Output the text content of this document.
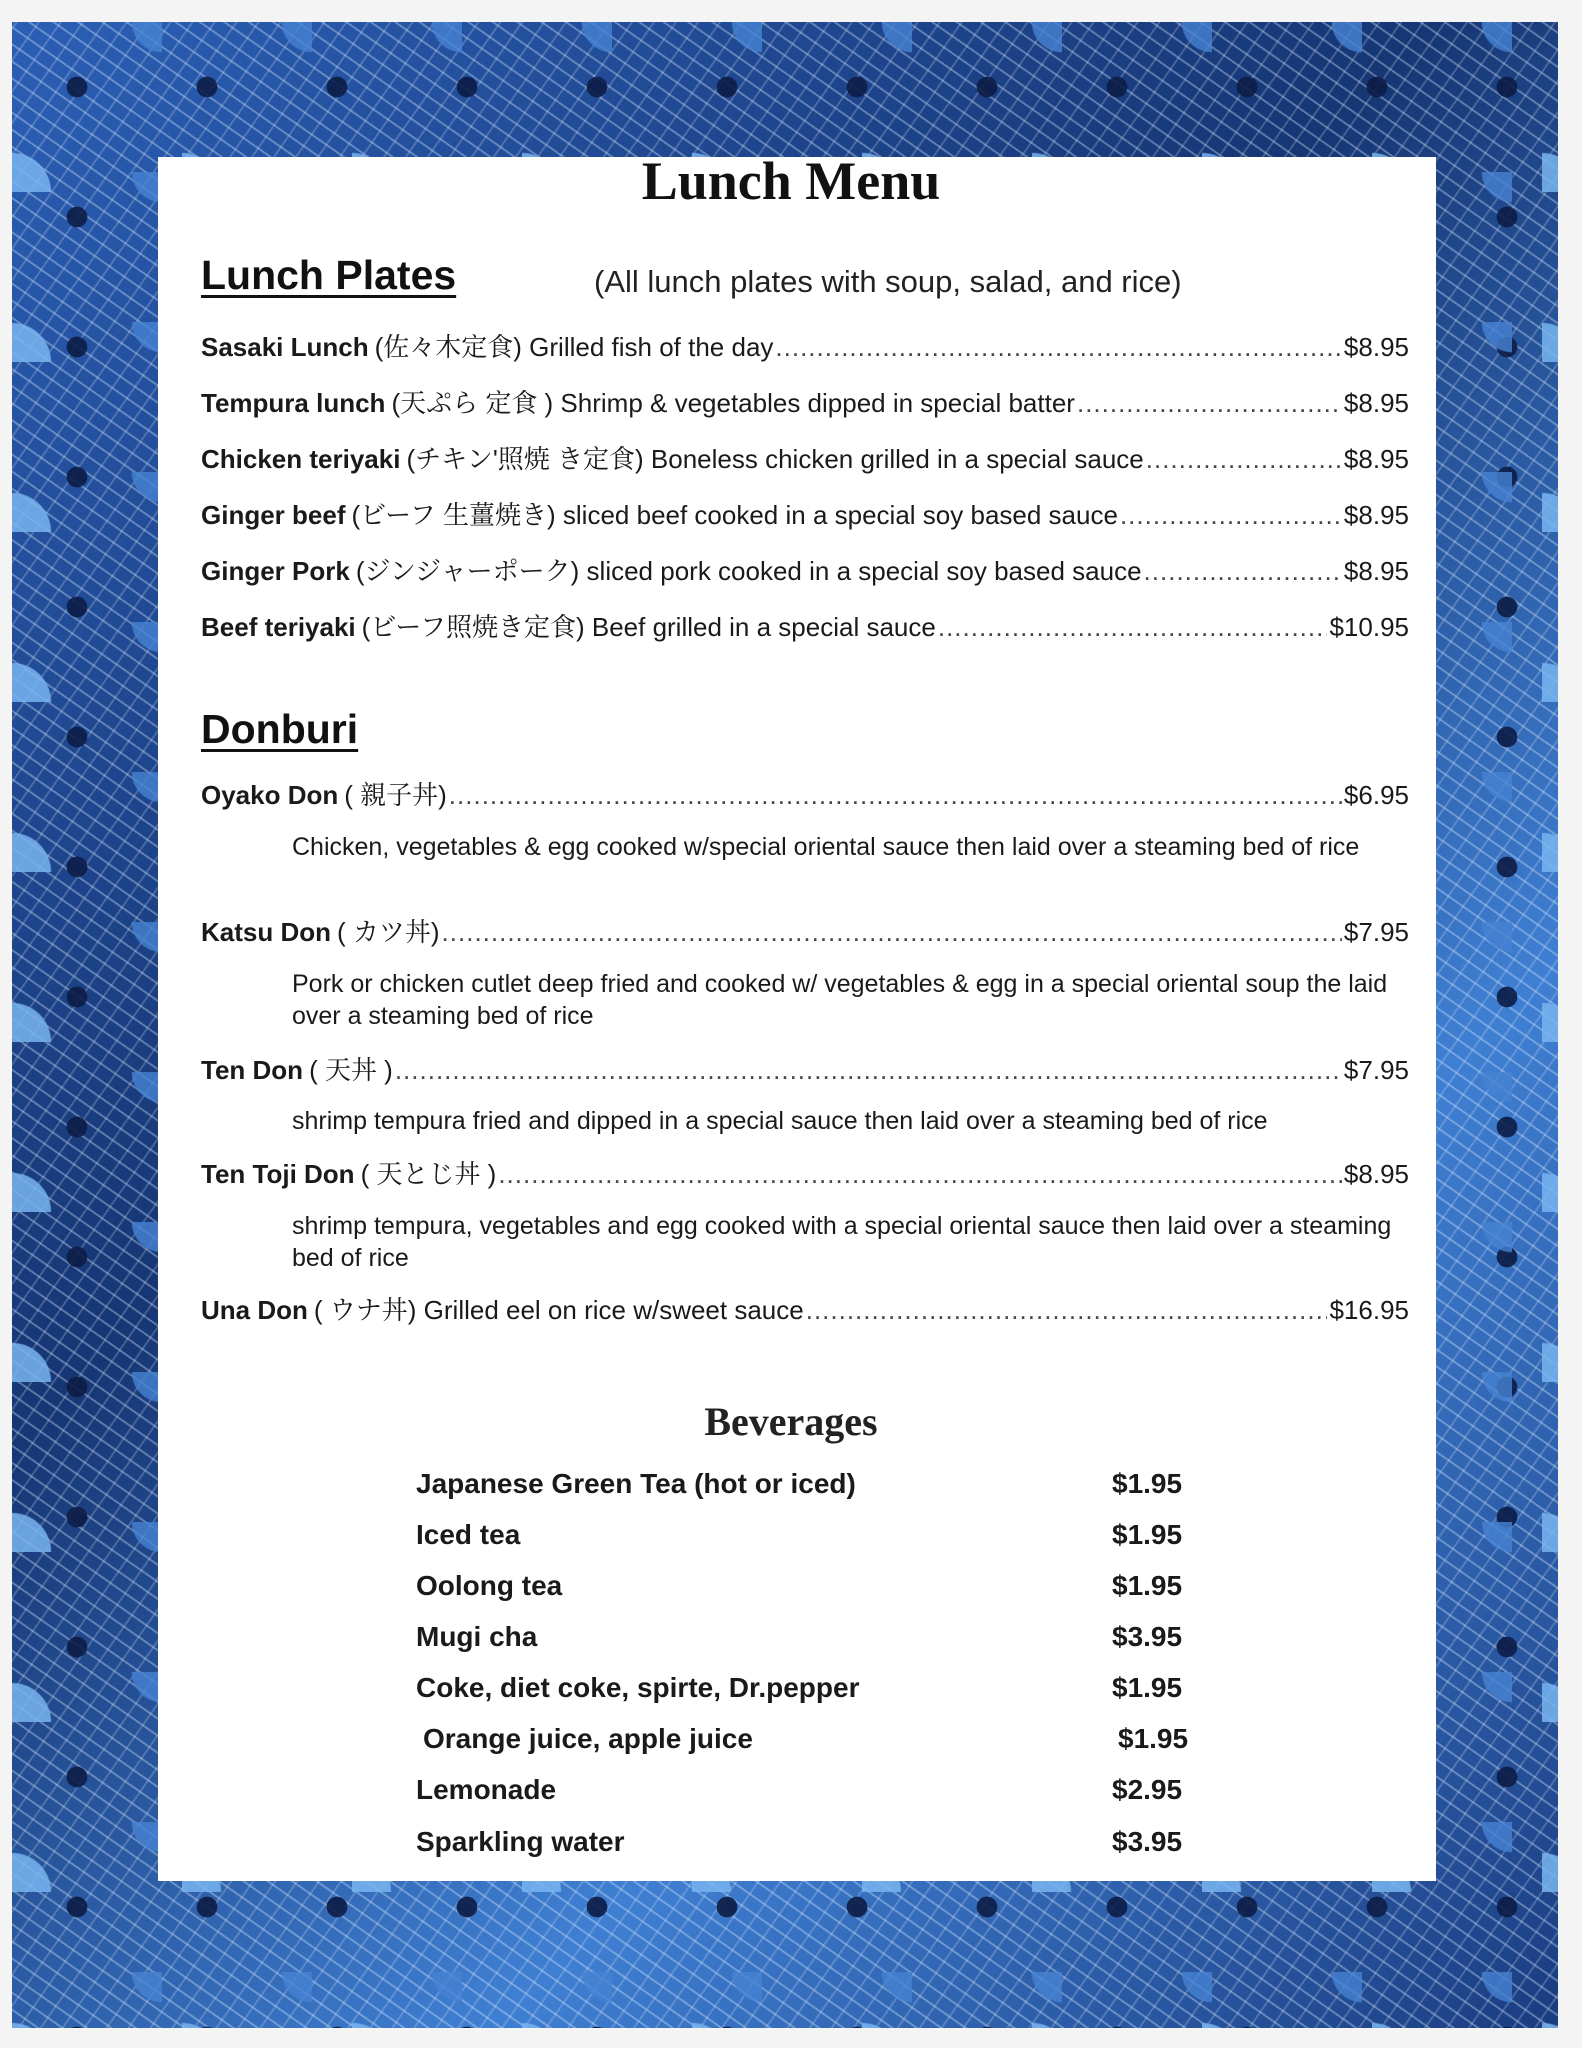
Lunch Menu
Lunch Plates	(All lunch plates with soup, salad, and rice)
Sasaki Lunch (佐々木定食) Grilled fish of the day .....	$8.95
Tempura lunch (天ぷら 定食 ) Shrimp & vegetables dipped in special batter .....	$8.95
Chicken teriyaki (チキン'照焼 き定食) Boneless chicken grilled in a special sauce .....	$8.95
Ginger beef (ビーフ 生薑焼き) sliced beef cooked in a special soy based sauce .....	$8.95
Ginger Pork (ジンジャーポーク) sliced pork cooked in a special soy based sauce .....	$8.95
Beef teriyaki (ビーフ照焼き定食) Beef grilled in a special sauce .....	$10.95
Donburi
Oyako Don ( 親子丼) .....	$6.95
Chicken, vegetables & egg cooked w/special oriental sauce then laid over a steaming bed of rice
Katsu Don ( カツ丼) .....	$7.95
Pork or chicken cutlet deep fried and cooked w/ vegetables & egg in a special oriental soup the laid over a steaming bed of rice
Ten Don ( 天丼 ) .....	$7.95
shrimp tempura fried and dipped in a special sauce then laid over a steaming bed of rice
Ten Toji Don ( 天とじ丼 ) .....	$8.95
shrimp tempura, vegetables and egg cooked with a special oriental sauce then laid over a steaming bed of rice
Una Don ( ウナ丼) Grilled eel on rice w/sweet sauce .....	$16.95
Beverages
Japanese Green Tea (hot or iced)	$1.95
Iced tea	$1.95
Oolong tea	$1.95
Mugi cha	$3.95
Coke, diet coke, spirte, Dr.pepper	$1.95
Orange juice, apple juice	$1.95
Lemonade	$2.95
Sparkling water	$3.95
